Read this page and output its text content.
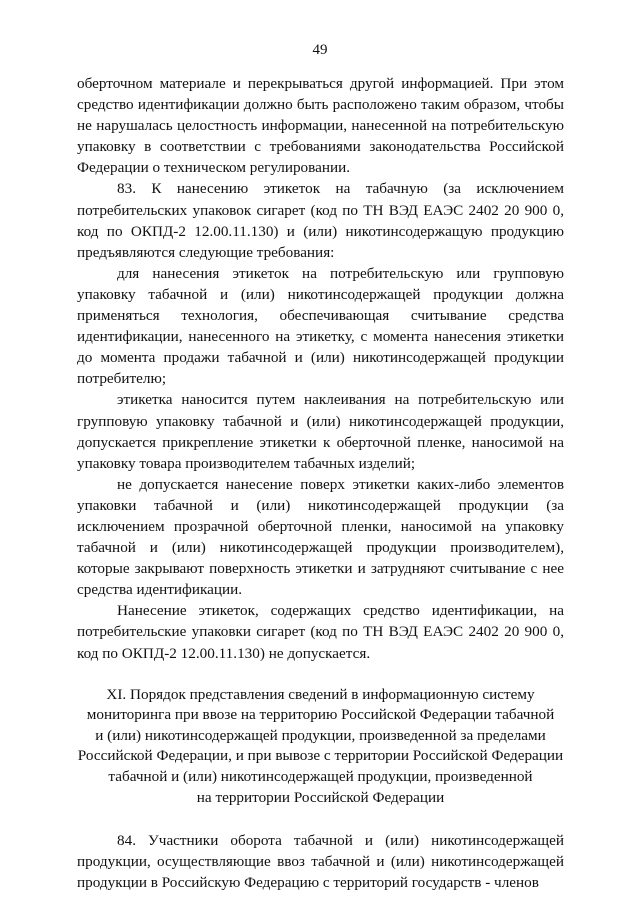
49

оберточном материале и перекрываться другой информацией. При этом средство идентификации должно быть расположено таким образом, чтобы не нарушалась целостность информации, нанесенной на потребительскую упаковку в соответствии с требованиями законодательства Российской Федерации о техническом регулировании.

83. К нанесению этикеток на табачную (за исключением потребительских упаковок сигарет (код по ТН ВЭД ЕАЭС 2402 20 900 0, код по ОКПД-2 12.00.11.130) и (или) никотинсодержащую продукцию предъявляются следующие требования:

для нанесения этикеток на потребительскую или групповую упаковку табачной и (или) никотинсодержащей продукции должна применяться технология, обеспечивающая считывание средства идентификации, нанесенного на этикетку, с момента нанесения этикетки до момента продажи табачной и (или) никотинсодержащей продукции потребителю;

этикетка наносится путем наклеивания на потребительскую или групповую упаковку табачной и (или) никотинсодержащей продукции, допускается прикрепление этикетки к оберточной пленке, наносимой на упаковку товара производителем табачных изделий;

не допускается нанесение поверх этикетки каких-либо элементов упаковки табачной и (или) никотинсодержащей продукции (за исключением прозрачной оберточной пленки, наносимой на упаковку табачной и (или) никотинсодержащей продукции производителем), которые закрывают поверхность этикетки и затрудняют считывание с нее средства идентификации.

Нанесение этикеток, содержащих средство идентификации, на потребительские упаковки сигарет (код по ТН ВЭД ЕАЭС 2402 20 900 0, код по ОКПД-2 12.00.11.130) не допускается.

XI. Порядок представления сведений в информационную систему
мониторинга при ввозе на территорию Российской Федерации табачной
и (или) никотинсодержащей продукции, произведенной за пределами
Российской Федерации, и при вывозе с территории Российской Федерации
табачной и (или) никотинсодержащей продукции, произведенной
на территории Российской Федерации

84. Участники оборота табачной и (или) никотинсодержащей продукции, осуществляющие ввоз табачной и (или) никотинсодержащей продукции в Российскую Федерацию с территорий государств - членов
